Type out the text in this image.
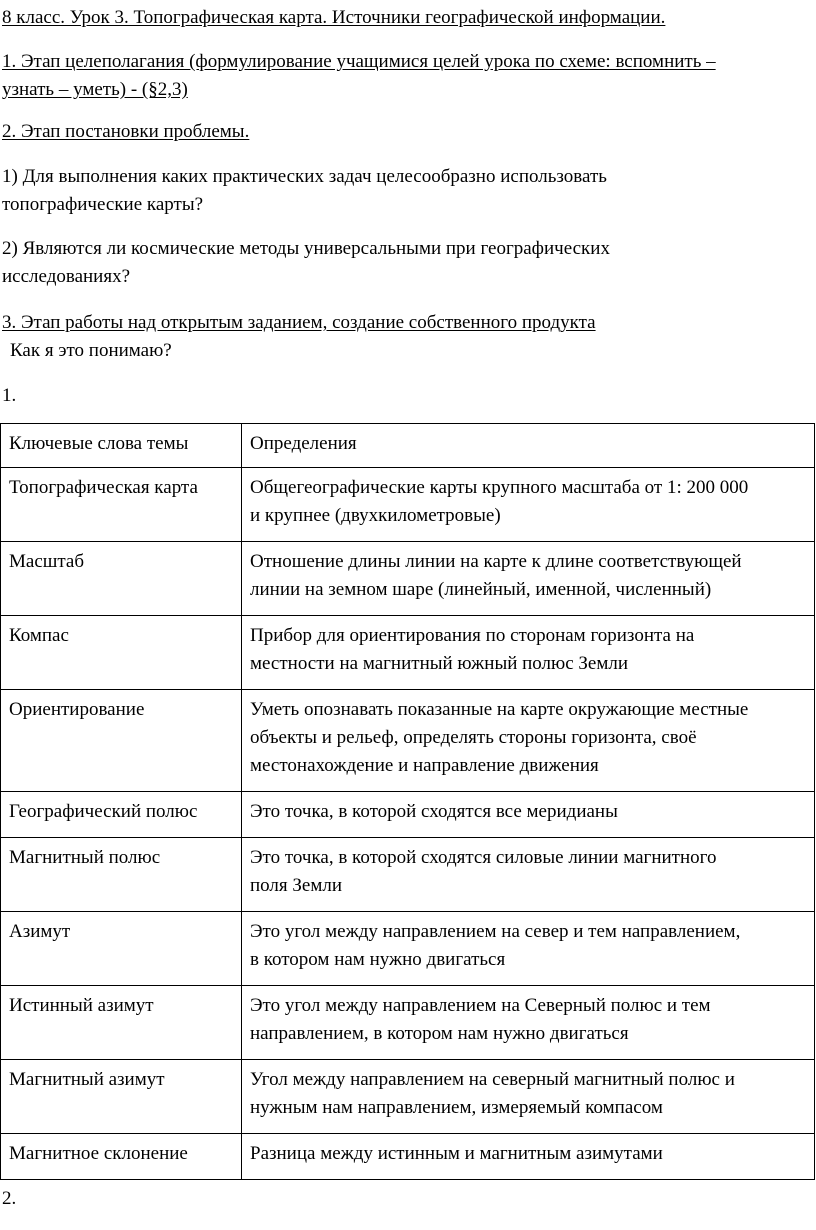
8 класс. Урок 3. Топографическая карта. Источники географической информации.
1. Этап целеполагания (формулирование учащимися целей урока по схеме: вспомнить –
узнать – уметь) - (§2,3)
2. Этап постановки проблемы.
1) Для выполнения каких практических задач целесообразно использовать
топографические карты?
2) Являются ли космические методы универсальными при географических
исследованиях?
3. Этап работы над открытым заданием, создание собственного продукта
Как я это понимаю?
1.
Ключевые слова темы	Определения
Топографическая карта	Общегеографические карты крупного масштаба от 1: 200 000
и крупнее (двухкилометровые)

Масштаб	Отношение длины линии на карте к длине соответствующей
линии на земном шаре (линейный, именной, численный)

Компас	Прибор для ориентирования по сторонам горизонта на
местности на магнитный южный полюс Земли

Ориентирование	Уметь опознавать показанные на карте окружающие местные
объекты и рельеф, определять стороны горизонта, своё
местонахождение и направление движения

Географический полюс	Это точка, в которой сходятся все меридианы

Магнитный полюс	Это точка, в которой сходятся силовые линии магнитного
поля Земли

Азимут	Это угол между направлением на север и тем направлением,
в котором нам нужно двигаться

Истинный азимут	Это угол между направлением на Северный полюс и тем
направлением, в котором нам нужно двигаться

Магнитный азимут	Угол между направлением на северный магнитный полюс и
нужным нам направлением, измеряемый компасом

Магнитное склонение	Разница между истинным и магнитным азимутами
2.
